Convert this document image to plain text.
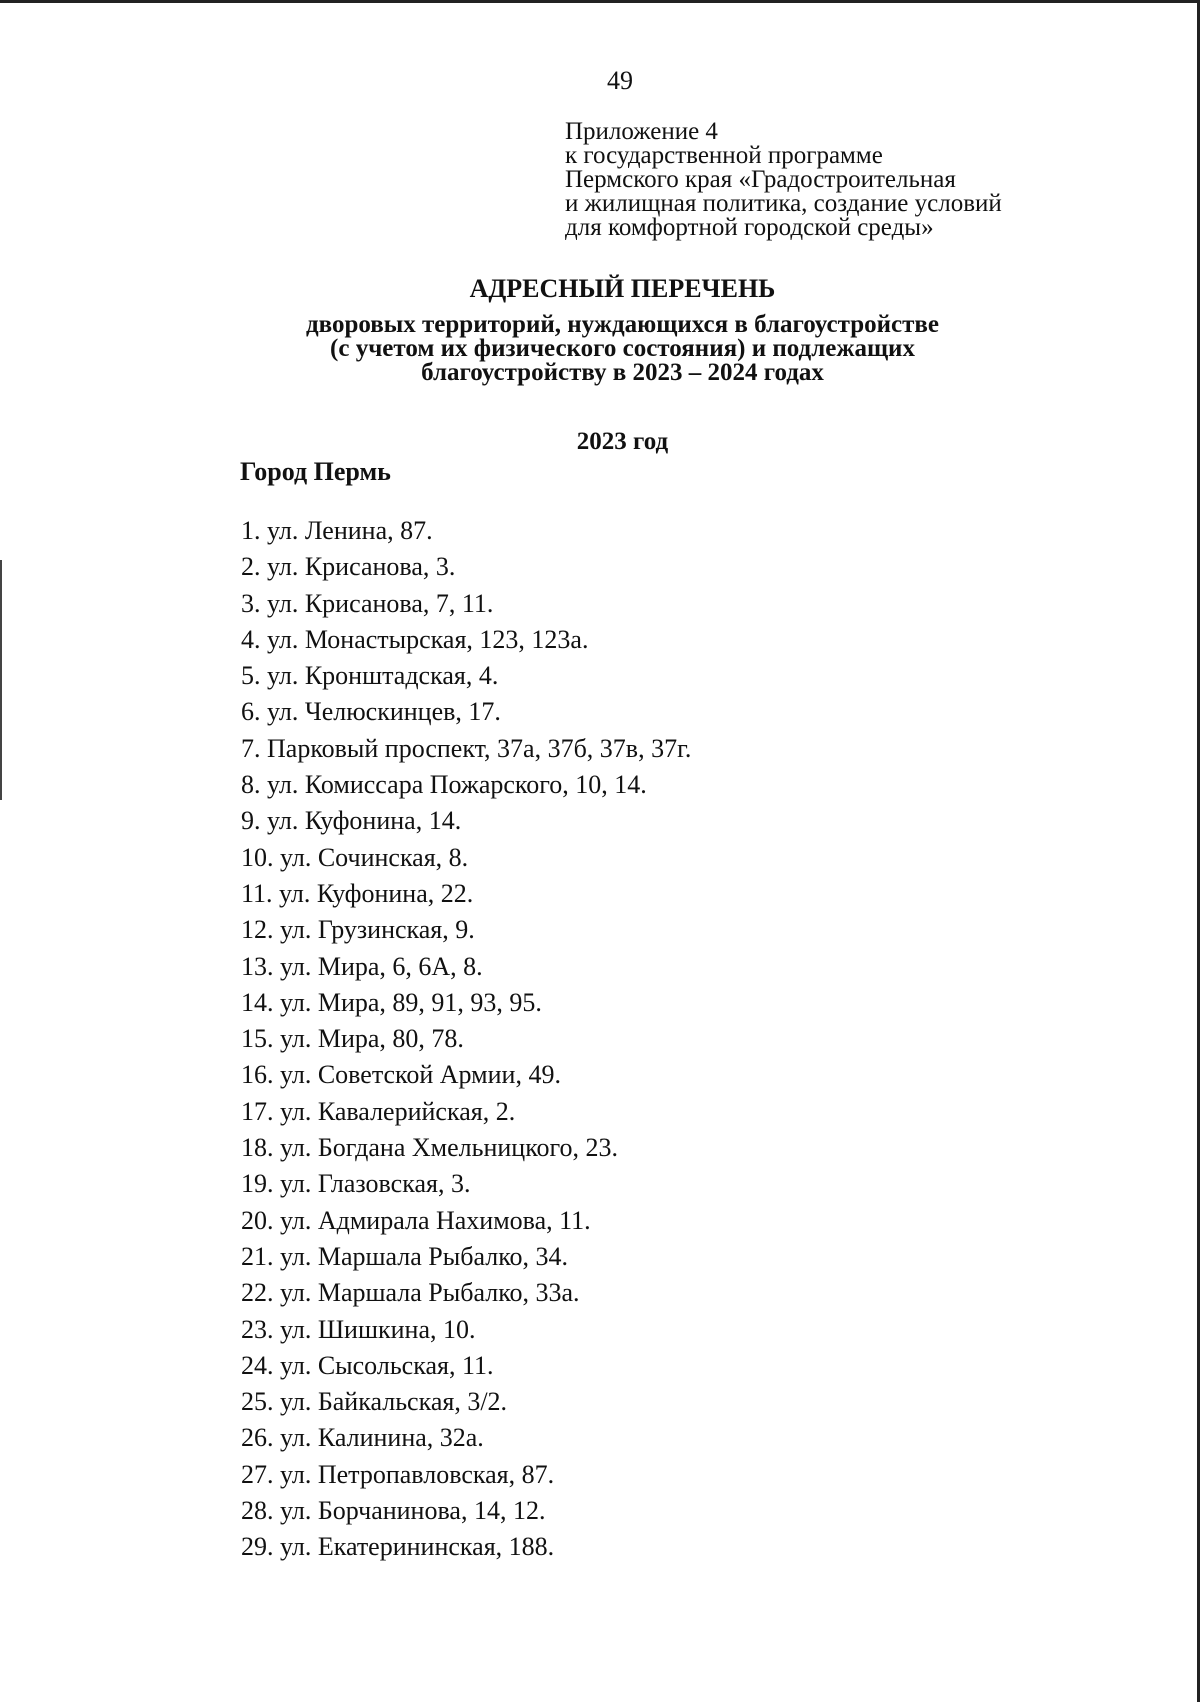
49
Приложение 4
к государственной программе
Пермского края «Градостроительная
и жилищная политика, создание условий
для комфортной городской среды»
АДРЕСНЫЙ ПЕРЕЧЕНЬ
дворовых территорий, нуждающихся в благоустройстве
(с учетом их физического состояния) и подлежащих
благоустройству в 2023 – 2024 годах
2023 год
Город Пермь
1. ул. Ленина, 87.
2. ул. Крисанова, 3.
3. ул. Крисанова, 7, 11.
4. ул. Монастырская, 123, 123а.
5. ул. Кронштадская, 4.
6. ул. Челюскинцев, 17.
7. Парковый проспект, 37а, 37б, 37в, 37г.
8. ул. Комиссара Пожарского, 10, 14.
9. ул. Куфонина, 14.
10. ул. Сочинская, 8.
11. ул. Куфонина, 22.
12. ул. Грузинская, 9.
13. ул. Мира, 6, 6А, 8.
14. ул. Мира, 89, 91, 93, 95.
15. ул. Мира, 80, 78.
16. ул. Советской Армии, 49.
17. ул. Кавалерийская, 2.
18. ул. Богдана Хмельницкого, 23.
19. ул. Глазовская, 3.
20. ул. Адмирала Нахимова, 11.
21. ул. Маршала Рыбалко, 34.
22. ул. Маршала Рыбалко, 33а.
23. ул. Шишкина, 10.
24. ул. Сысольская, 11.
25. ул. Байкальская, 3/2.
26. ул. Калинина, 32а.
27. ул. Петропавловская, 87.
28. ул. Борчанинова, 14, 12.
29. ул. Екатерининская, 188.
